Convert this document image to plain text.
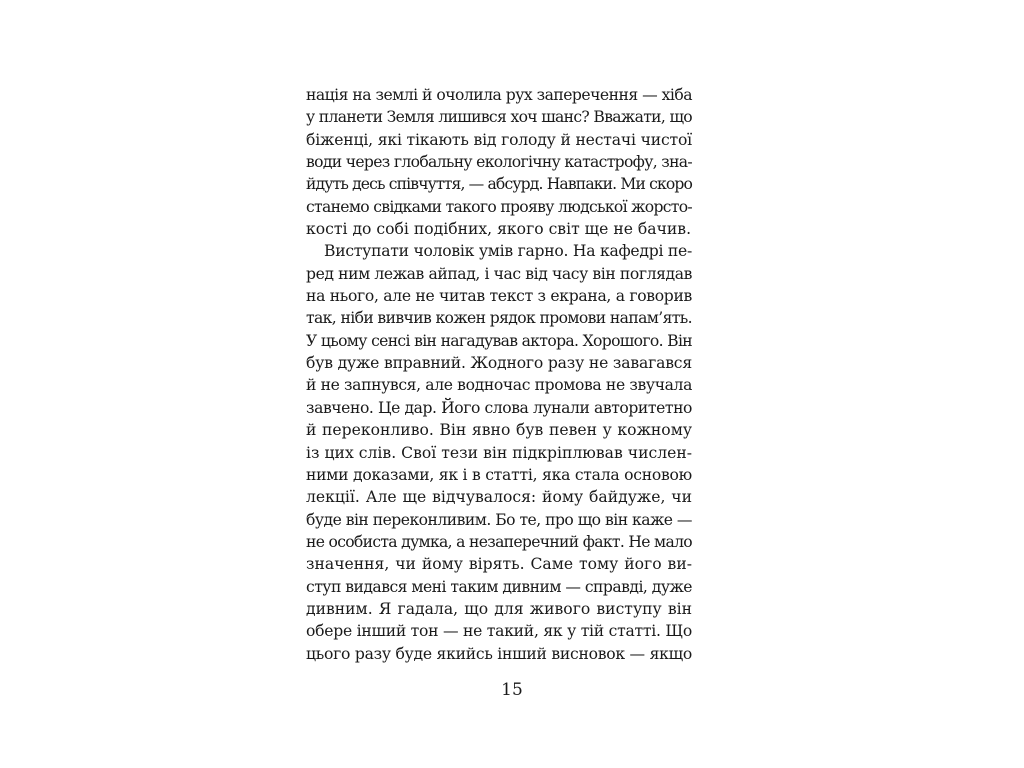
нація на землі й очолила рух заперечення — хіба
у планети Земля лишився хоч шанс? Вважати, що
біженці, які тікають від голоду й нестачі чистої
води через глобальну екологічну катастрофу, зна-
йдуть десь співчуття, — абсурд. Навпаки. Ми скоро
станемо свідками такого прояву людської жорсто-
кості до собі подібних, якого світ ще не бачив.
Виступати чоловік умів гарно. На кафедрі пе-
ред ним лежав айпад, і час від часу він поглядав
на нього, але не читав текст з екрана, а говорив
так, ніби вивчив кожен рядок промови напам’ять.
У цьому сенсі він нагадував актора. Хорошого. Він
був дуже вправний. Жодного разу не завагався
й не запнувся, але водночас промова не звучала
завчено. Це дар. Його слова лунали авторитетно
й переконливо. Він явно був певен у кожному
із цих слів. Свої тези він підкріплював числен-
ними доказами, як і в статті, яка стала основою
лекції. Але ще відчувалося: йому байдуже, чи
буде він переконливим. Бо те, про що він каже —
не особиста думка, а незаперечний факт. Не мало
значення, чи йому вірять. Саме тому його ви-
ступ видався мені таким дивним — справді, дуже
дивним. Я гадала, що для живого виступу він
обере інший тон — не такий, як у тій статті. Що
цього разу буде якийсь інший висновок — якщо
15
